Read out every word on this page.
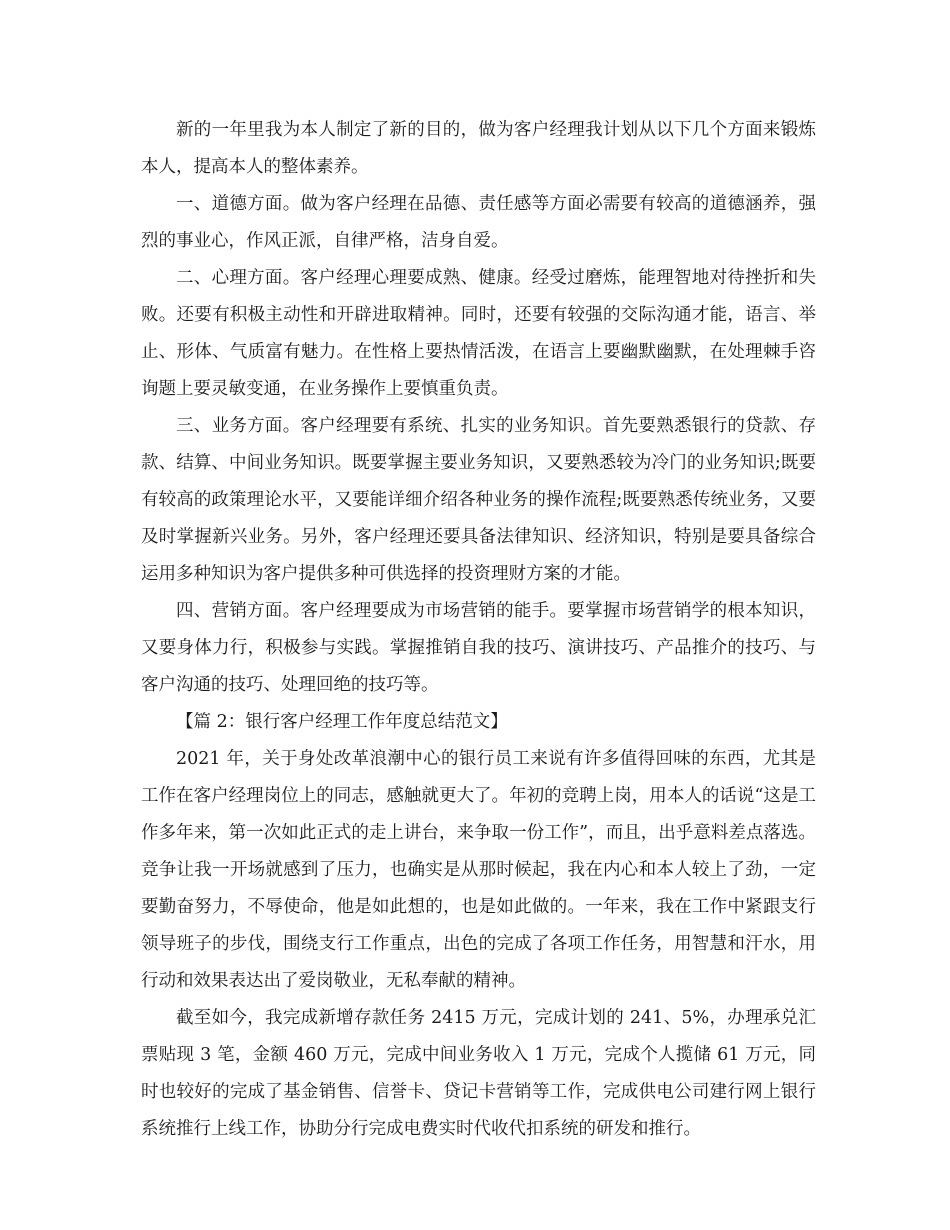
新的一年里我为本人制定了新的目的，做为客户经理我计划从以下几个方面来锻炼本人，提高本人的整体素养。

一、道德方面。做为客户经理在品德、责任感等方面必需要有较高的道德涵养，强烈的事业心，作风正派，自律严格，洁身自爱。

二、心理方面。客户经理心理要成熟、健康。经受过磨炼，能理智地对待挫折和失败。还要有积极主动性和开辟进取精神。同时，还要有较强的交际沟通才能，语言、举止、形体、气质富有魅力。在性格上要热情活泼，在语言上要幽默幽默，在处理棘手咨询题上要灵敏变通，在业务操作上要慎重负责。

三、业务方面。客户经理要有系统、扎实的业务知识。首先要熟悉银行的贷款、存款、结算、中间业务知识。既要掌握主要业务知识，又要熟悉较为冷门的业务知识;既要有较高的政策理论水平，又要能详细介绍各种业务的操作流程;既要熟悉传统业务，又要及时掌握新兴业务。另外，客户经理还要具备法律知识、经济知识，特别是要具备综合运用多种知识为客户提供多种可供选择的投资理财方案的才能。

四、营销方面。客户经理要成为市场营销的能手。要掌握市场营销学的根本知识，又要身体力行，积极参与实践。掌握推销自我的技巧、演讲技巧、产品推介的技巧、与客户沟通的技巧、处理回绝的技巧等。

【篇 2：银行客户经理工作年度总结范文】

2021 年，关于身处改革浪潮中心的银行员工来说有许多值得回味的东西，尤其是工作在客户经理岗位上的同志，感触就更大了。年初的竞聘上岗，用本人的话说“这是工作多年来，第一次如此正式的走上讲台，来争取一份工作”，而且，出乎意料差点落选。竞争让我一开场就感到了压力，也确实是从那时候起，我在内心和本人较上了劲，一定要勤奋努力，不辱使命，他是如此想的，也是如此做的。一年来，我在工作中紧跟支行领导班子的步伐，围绕支行工作重点，出色的完成了各项工作任务，用智慧和汗水，用行动和效果表达出了爱岗敬业，无私奉献的精神。

截至如今，我完成新增存款任务 2415 万元，完成计划的 241、5%，办理承兑汇票贴现 3 笔，金额 460 万元，完成中间业务收入 1 万元，完成个人揽储 61 万元，同时也较好的完成了基金销售、信誉卡、贷记卡营销等工作，完成供电公司建行网上银行系统推行上线工作，协助分行完成电费实时代收代扣系统的研发和推行。
